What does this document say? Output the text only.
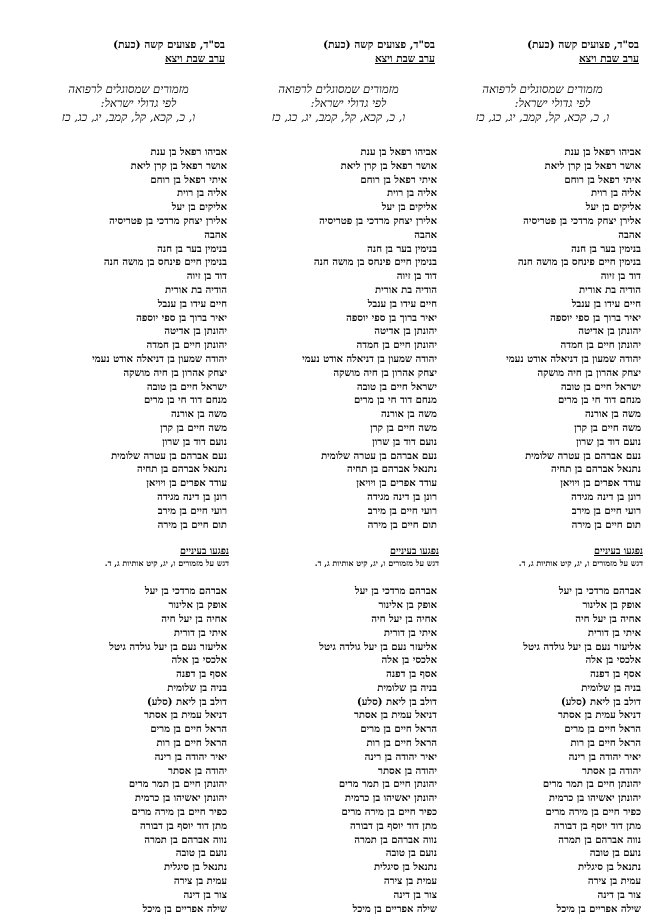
בס"ד, פצועים קשה (כעת)
ערב שבת ויצא
מזמורים שמסוגלים לרפואה
לפי גדולי ישראל:
ו, כ, קכא, קל, קמב, יג, כג, כז
אביהו רפאל בן ענת
אושר רפאל בן קרן ליאת
איתי רפאל בן רוחם
אליה בן רוית
אליקים בן יעל
אלירן יצחק מרדכי בן פטריסיה
אהבה
בנימין בער בן חנה
בנימין חיים פינחס בן מושה חנה
דוד בן זיוה
הודיה בת אורית
חיים עידו בן ענבל
יאיר ברוך בן ספי יוספה
יהונתן בן אדיטה
יהונתן חיים בן חמדה
יהודה שמעון בן דניאלה אודט נעמי
יצחק אהרון בן חיה מושקה
ישראל חיים בן טובה
מנחם דוד חי בן מרים
משה בן אורנה
משה חיים בן קרן
נועם דוד בן שרון
נעם אברהם בן עטרה שלומית
נתנאל אברהם בן תחיה
עודד אפרים בן ויויאן
רונן בן דינה מגידה
רועי חיים בן מירב
תום חיים בן מירה
נפגעו בעיניים
דגש על מזמורים ו, יג, קיט אותיות ג, ד.
אברהם מרדכי בן יעל
אופק בן אלינור
אחיה בן יעל חיה
איתי בן דורית
אליעזר נעם בן יעל גולדה גיטל
אלכסי בן אלה
אסף בן דפנה
בניה בן שלומית
דולב בן ליאת (סלע)
דניאל עמית בן אסתר
הראל חיים בן מרים
הראל חיים בן רות
יאיר יהודה בן רינה
יהודה בן אסתר
יהונתן חיים בן תמר מרים
יהונתן יאשיהו בן כרמית
כפיר חיים בן מירה מרים
מתן דוד יוסף בן דבורה
נווה אברהם בן תמרה
נועם בן טובה
נתנאל בן סיגלית
עמית בן צירה
צור בן דינה
שילה אפריים בן מיכל
בס"ד, פצועים קשה (כעת)
ערב שבת ויצא
מזמורים שמסוגלים לרפואה
לפי גדולי ישראל:
ו, כ, קכא, קל, קמב, יג, כג, כז
אביהו רפאל בן ענת
אושר רפאל בן קרן ליאת
איתי רפאל בן רוחם
אליה בן רוית
אליקים בן יעל
אלירן יצחק מרדכי בן פטריסיה
אהבה
בנימין בער בן חנה
בנימין חיים פינחס בן מושה חנה
דוד בן זיוה
הודיה בת אורית
חיים עידו בן ענבל
יאיר ברוך בן ספי יוספה
יהונתן בן אדיטה
יהונתן חיים בן חמדה
יהודה שמעון בן דניאלה אודט נעמי
יצחק אהרון בן חיה מושקה
ישראל חיים בן טובה
מנחם דוד חי בן מרים
משה בן אורנה
משה חיים בן קרן
נועם דוד בן שרון
נעם אברהם בן עטרה שלומית
נתנאל אברהם בן תחיה
עודד אפרים בן ויויאן
רונן בן דינה מגידה
רועי חיים בן מירב
תום חיים בן מירה
נפגעו בעיניים
דגש על מזמורים ו, יג, קיט אותיות ג, ד.
אברהם מרדכי בן יעל
אופק בן אלינור
אחיה בן יעל חיה
איתי בן דורית
אליעזר נעם בן יעל גולדה גיטל
אלכסי בן אלה
אסף בן דפנה
בניה בן שלומית
דולב בן ליאת (סלע)
דניאל עמית בן אסתר
הראל חיים בן מרים
הראל חיים בן רות
יאיר יהודה בן רינה
יהודה בן אסתר
יהונתן חיים בן תמר מרים
יהונתן יאשיהו בן כרמית
כפיר חיים בן מירה מרים
מתן דוד יוסף בן דבורה
נווה אברהם בן תמרה
נועם בן טובה
נתנאל בן סיגלית
עמית בן צירה
צור בן דינה
שילה אפריים בן מיכל
בס"ד, פצועים קשה (כעת)
ערב שבת ויצא
מזמורים שמסוגלים לרפואה
לפי גדולי ישראל:
ו, כ, קכא, קל, קמב, יג, כג, כז
אביהו רפאל בן ענת
אושר רפאל בן קרן ליאת
איתי רפאל בן רוחם
אליה בן רוית
אליקים בן יעל
אלירן יצחק מרדכי בן פטריסיה
אהבה
בנימין בער בן חנה
בנימין חיים פינחס בן מושה חנה
דוד בן זיוה
הודיה בת אורית
חיים עידו בן ענבל
יאיר ברוך בן ספי יוספה
יהונתן בן אדיטה
יהונתן חיים בן חמדה
יהודה שמעון בן דניאלה אודט נעמי
יצחק אהרון בן חיה מושקה
ישראל חיים בן טובה
מנחם דוד חי בן מרים
משה בן אורנה
משה חיים בן קרן
נועם דוד בן שרון
נעם אברהם בן עטרה שלומית
נתנאל אברהם בן תחיה
עודד אפרים בן ויויאן
רונן בן דינה מגידה
רועי חיים בן מירב
תום חיים בן מירה
נפגעו בעיניים
דגש על מזמורים ו, יג, קיט אותיות ג, ד.
אברהם מרדכי בן יעל
אופק בן אלינור
אחיה בן יעל חיה
איתי בן דורית
אליעזר נעם בן יעל גולדה גיטל
אלכסי בן אלה
אסף בן דפנה
בניה בן שלומית
דולב בן ליאת (סלע)
דניאל עמית בן אסתר
הראל חיים בן מרים
הראל חיים בן רות
יאיר יהודה בן רינה
יהודה בן אסתר
יהונתן חיים בן תמר מרים
יהונתן יאשיהו בן כרמית
כפיר חיים בן מירה מרים
מתן דוד יוסף בן דבורה
נווה אברהם בן תמרה
נועם בן טובה
נתנאל בן סיגלית
עמית בן צירה
צור בן דינה
שילה אפריים בן מיכל
